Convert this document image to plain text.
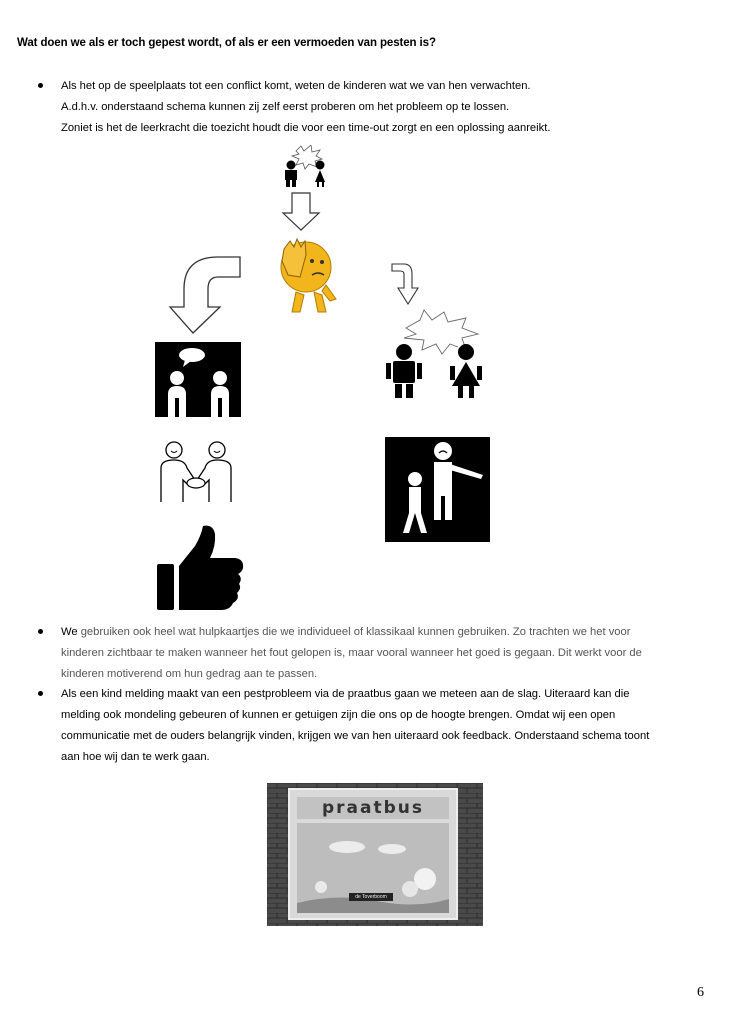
Wat doen we als er toch gepest wordt, of als er een vermoeden van pesten is?
Als het op de speelplaats tot een conflict komt, weten de kinderen wat we van hen verwachten.
A.d.h.v. onderstaand schema kunnen zij zelf eerst proberen om het probleem op te lossen.
Zoniet is het de leerkracht die toezicht houdt die voor een time-out zorgt en een oplossing aanreikt.
We gebruiken ook heel wat hulpkaartjes die we individueel of klassikaal kunnen gebruiken. Zo trachten we het voor
kinderen zichtbaar te maken wanneer het fout gelopen is, maar vooral wanneer het goed is gegaan. Dit werkt voor de
kinderen motiverend om hun gedrag aan te passen.
Als een kind melding maakt van een pestprobleem via de praatbus gaan we meteen aan de slag. Uiteraard kan die
melding ook mondeling gebeuren of kunnen er getuigen zijn die ons op de hoogte brengen. Omdat wij een open
communicatie met de ouders belangrijk vinden, krijgen we van hen uiteraard ook feedback. Onderstaand schema toont
aan hoe wij dan te werk gaan.
praatbus
de Toverboom
6
